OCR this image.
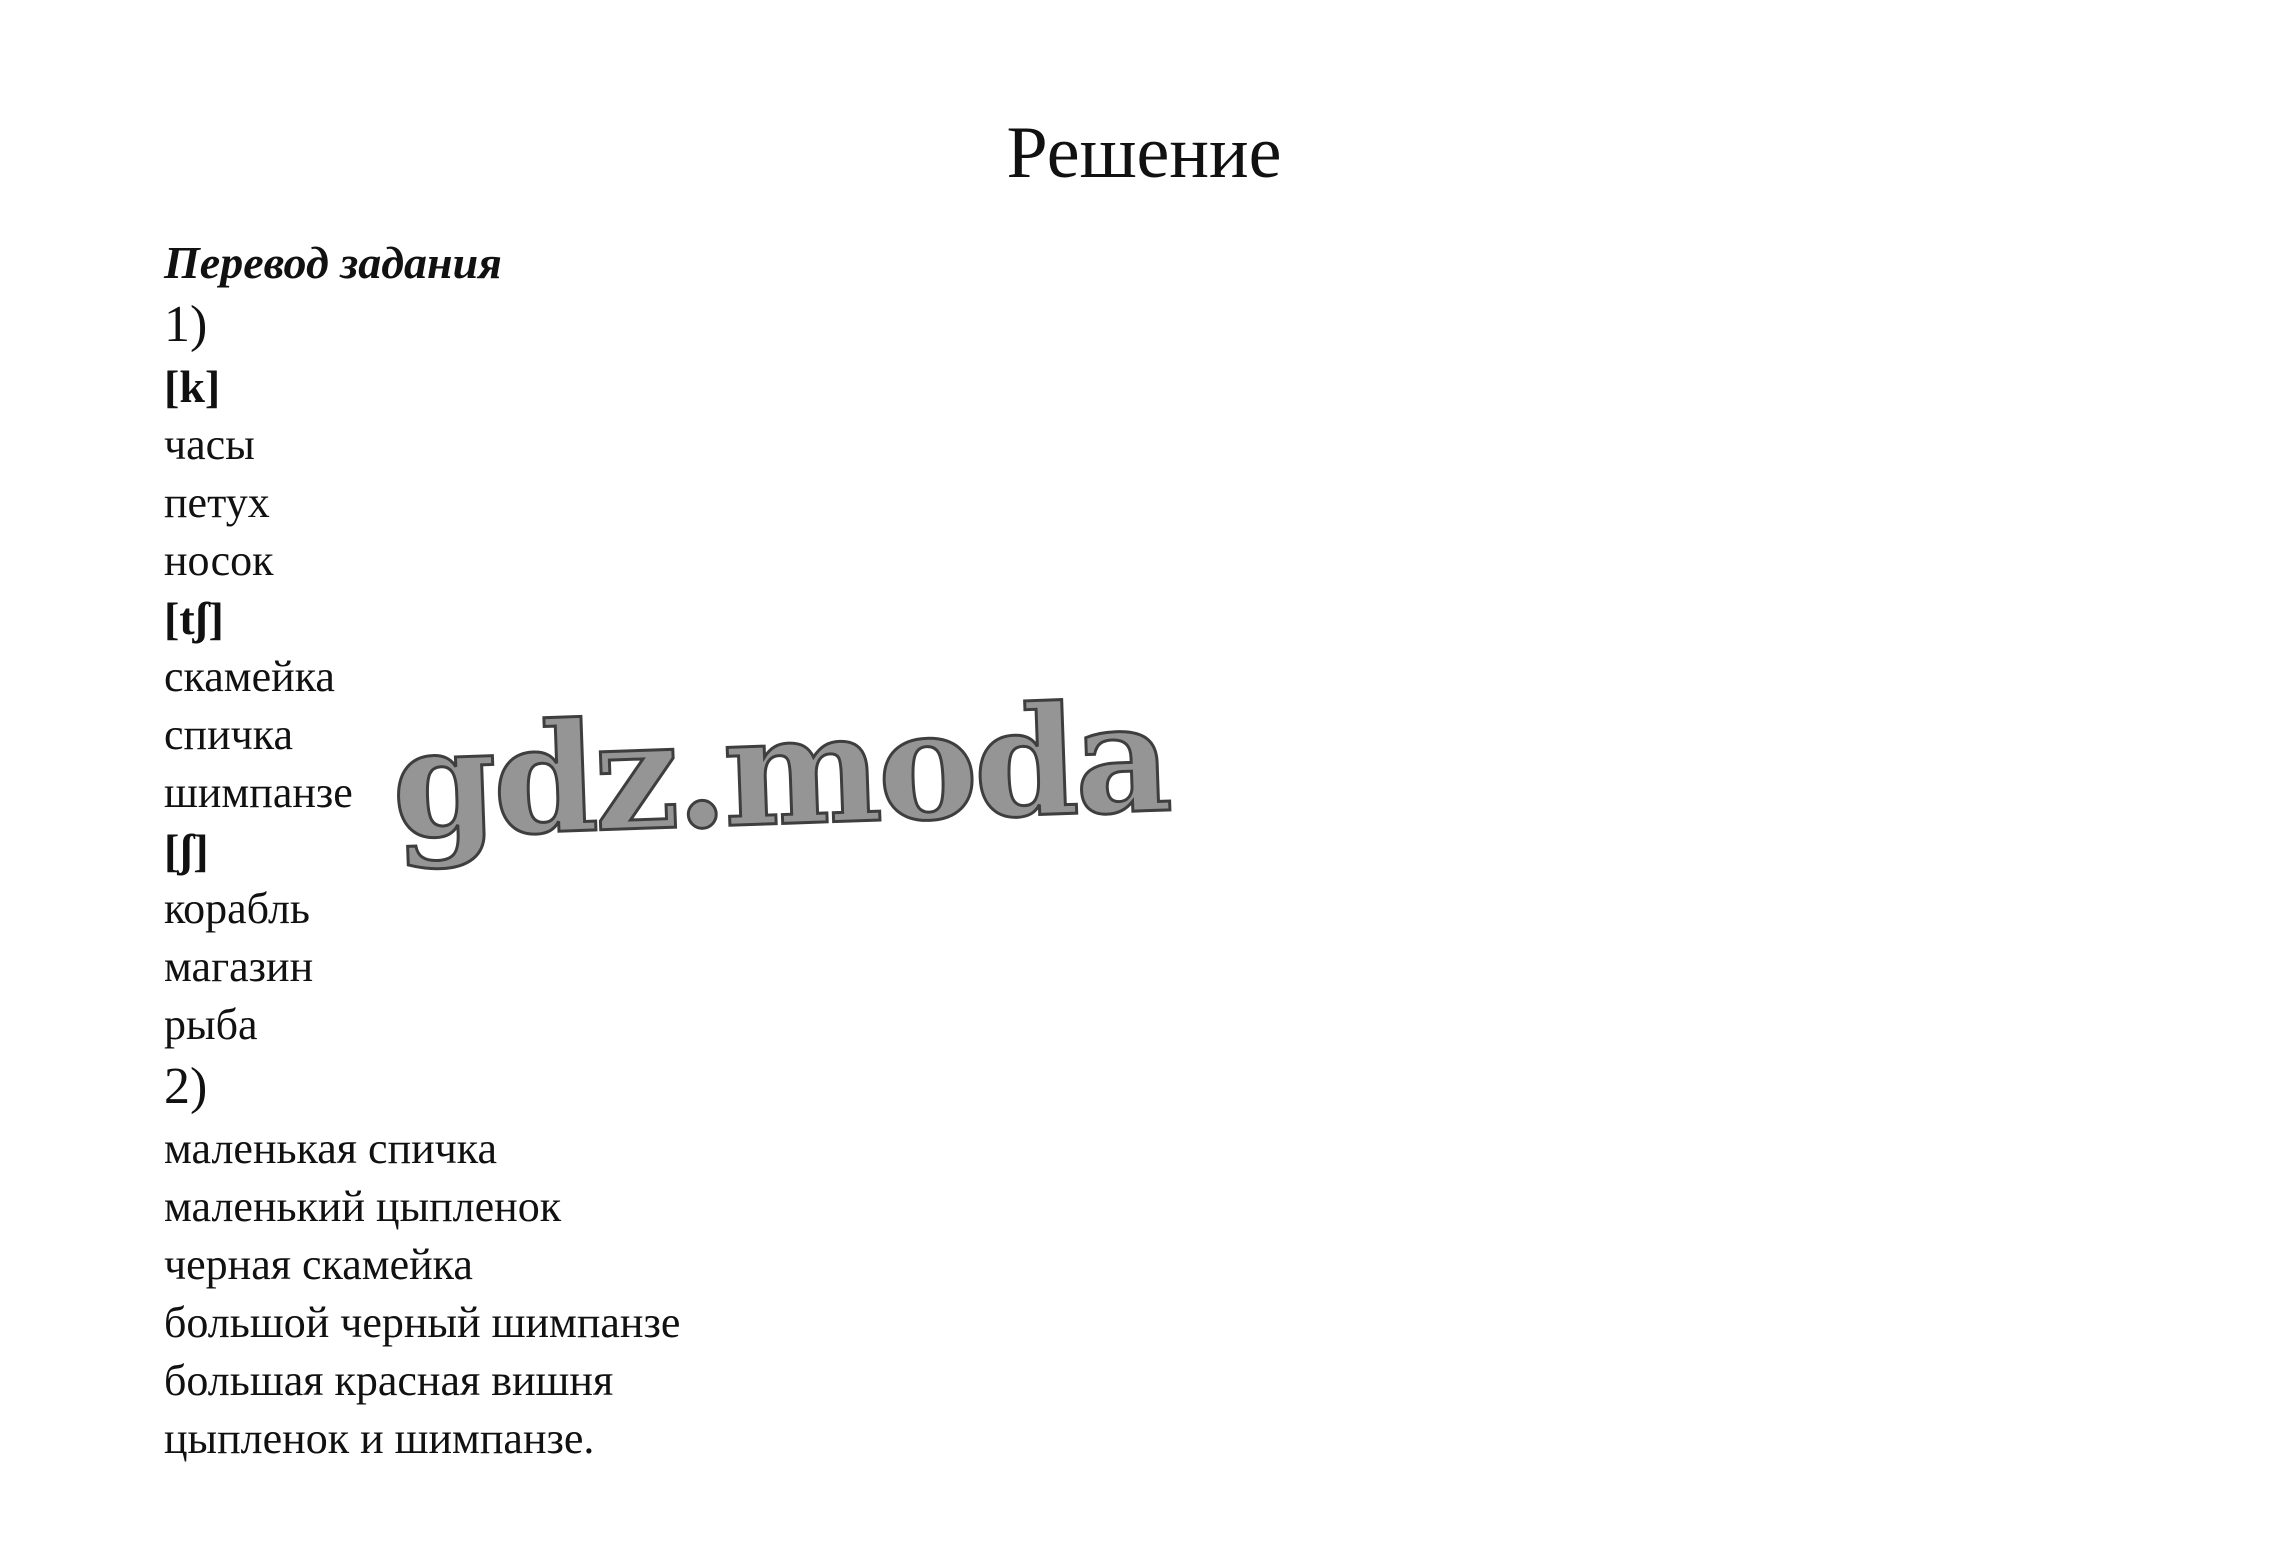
Решение
Перевод задания
1)
[k]
часы
петух
носок
[tʃ]
скамейка
спичка
шимпанзе
[ʃ]
корабль
магазин
рыба
2)
маленькая спичка
маленький цыпленок
черная скамейка
большой черный шимпанзе
большая красная вишня
цыпленок и шимпанзе.
gdz.moda
